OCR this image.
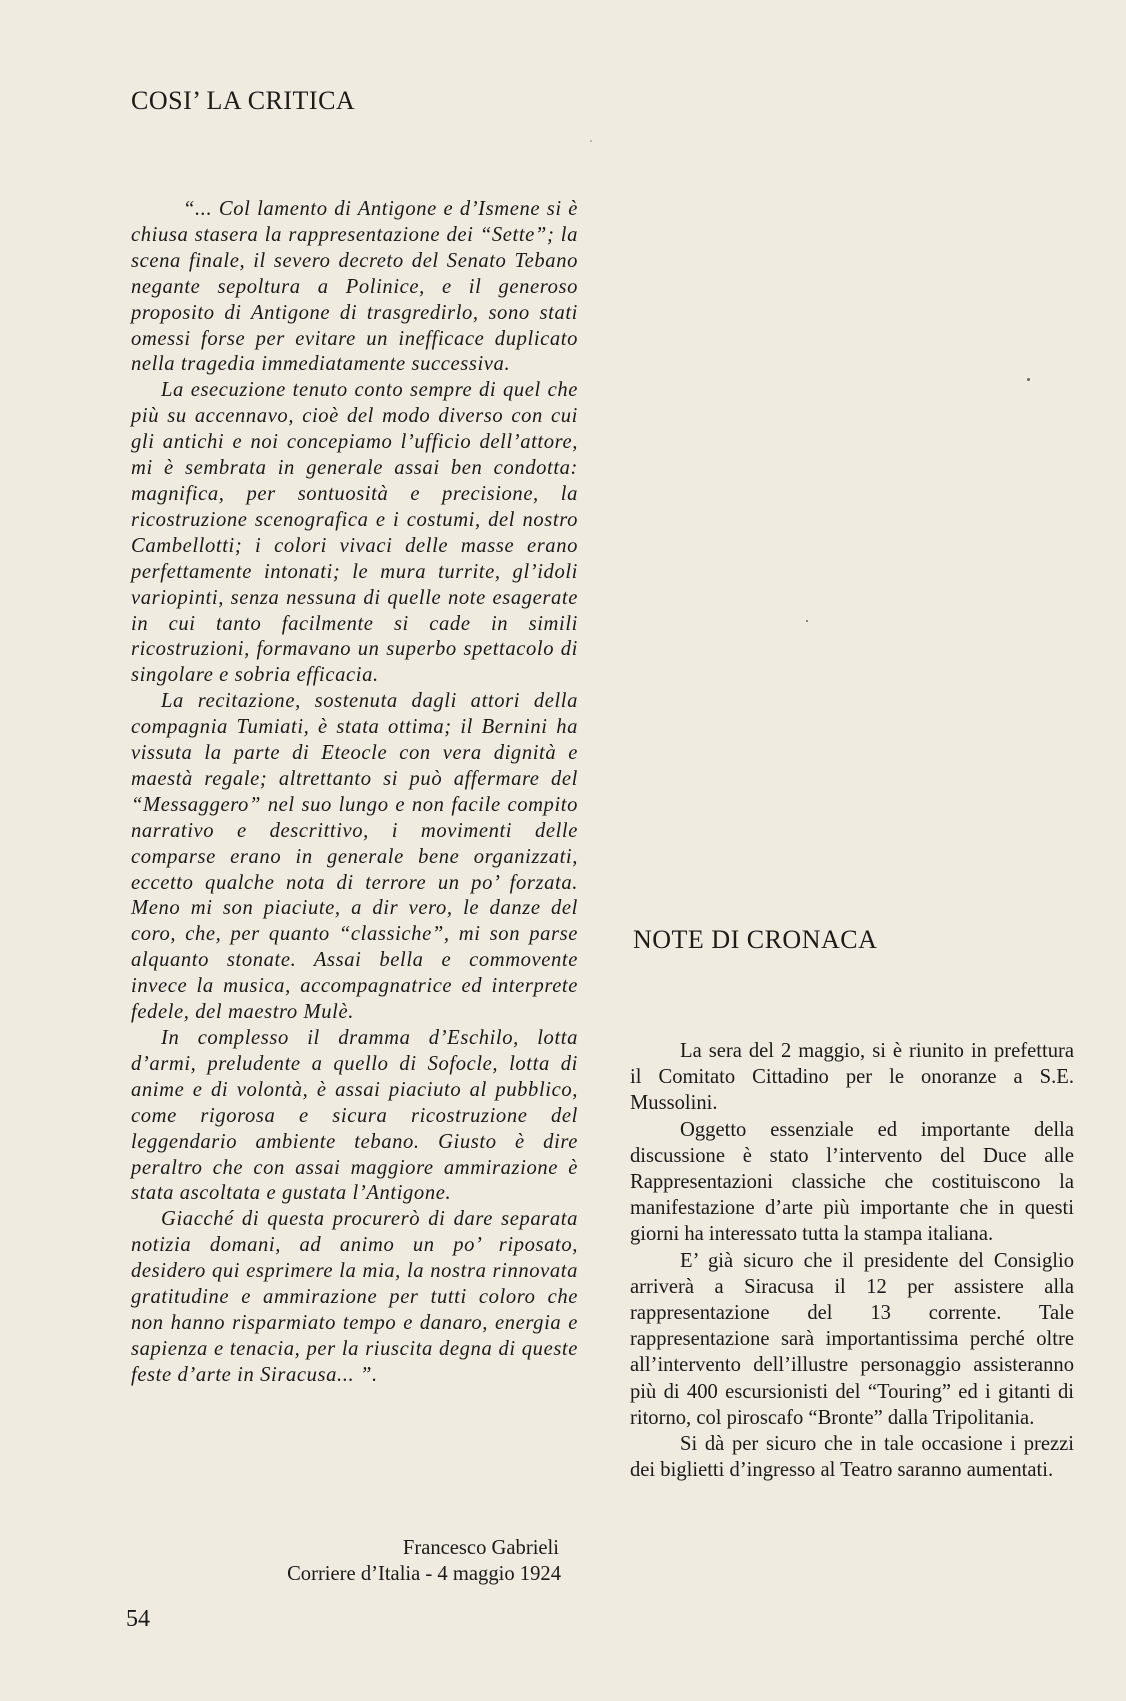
COSI’ LA CRITICA

“... Col lamento di Antigone e d’Ismene si è chiusa stasera la rappresentazione dei “Sette”; la scena finale, il severo decreto del Senato Tebano negante sepoltura a Polinice, e il generoso proposito di Antigone di trasgredirlo, sono stati omessi forse per evitare un inefficace duplicato nella tragedia immediatamente successiva.

La esecuzione tenuto conto sempre di quel che più su accennavo, cioè del modo diverso con cui gli antichi e noi concepiamo l’ufficio dell’attore, mi è sembrata in generale assai ben condotta: magnifica, per sontuosità e precisione, la ricostruzione scenografica e i costumi, del nostro Cambellotti; i colori vivaci delle masse erano perfettamente intonati; le mura turrite, gl’idoli variopinti, senza nessuna di quelle note esagerate in cui tanto facilmente si cade in simili ricostruzioni, formavano un superbo spettacolo di singolare e sobria efficacia.

La recitazione, sostenuta dagli attori della compagnia Tumiati, è stata ottima; il Bernini ha vissuta la parte di Eteocle con vera dignità e maestà regale; altrettanto si può affermare del “Messaggero” nel suo lungo e non facile compito narrativo e descrittivo, i movimenti delle comparse erano in generale bene organizzati, eccetto qualche nota di terrore un po’ forzata. Meno mi son piaciute, a dir vero, le danze del coro, che, per quanto “classiche”, mi son parse alquanto stonate. Assai bella e commovente invece la musica, accompagnatrice ed interprete fedele, del maestro Mulè.

In complesso il dramma d’Eschilo, lotta d’armi, preludente a quello di Sofocle, lotta di anime e di volontà, è assai piaciuto al pubblico, come rigorosa e sicura ricostruzione del leggendario ambiente tebano. Giusto è dire peraltro che con assai maggiore ammirazione è stata ascoltata e gustata l’Antigone.

Giacché di questa procurerò di dare separata notizia domani, ad animo un po’ riposato, desidero qui esprimere la mia, la nostra rinnovata gratitudine e ammirazione per tutti coloro che non hanno risparmiato tempo e danaro, energia e sapienza e tenacia, per la riuscita degna di queste feste d’arte in Siracusa... ”.

Francesco Gabrieli
Corriere d’Italia - 4 maggio 1924
NOTE DI CRONACA

La sera del 2 maggio, si è riunito in prefettura il Comitato Cittadino per le onoranze a S.E. Mussolini.

Oggetto essenziale ed importante della discussione è stato l’intervento del Duce alle Rappresentazioni classiche che costituiscono la manifestazione d’arte più importante che in questi giorni ha interessato tutta la stampa italiana.

E’ già sicuro che il presidente del Consiglio arriverà a Siracusa il 12 per assistere alla rappresentazione del 13 corrente. Tale rappresentazione sarà importantissima perché oltre all’intervento dell’illustre personaggio assisteranno più di 400 escursionisti del “Touring” ed i gitanti di ritorno, col piroscafo “Bronte” dalla Tripolitania.

Si dà per sicuro che in tale occasione i prezzi dei biglietti d’ingresso al Teatro saranno aumentati.

54
